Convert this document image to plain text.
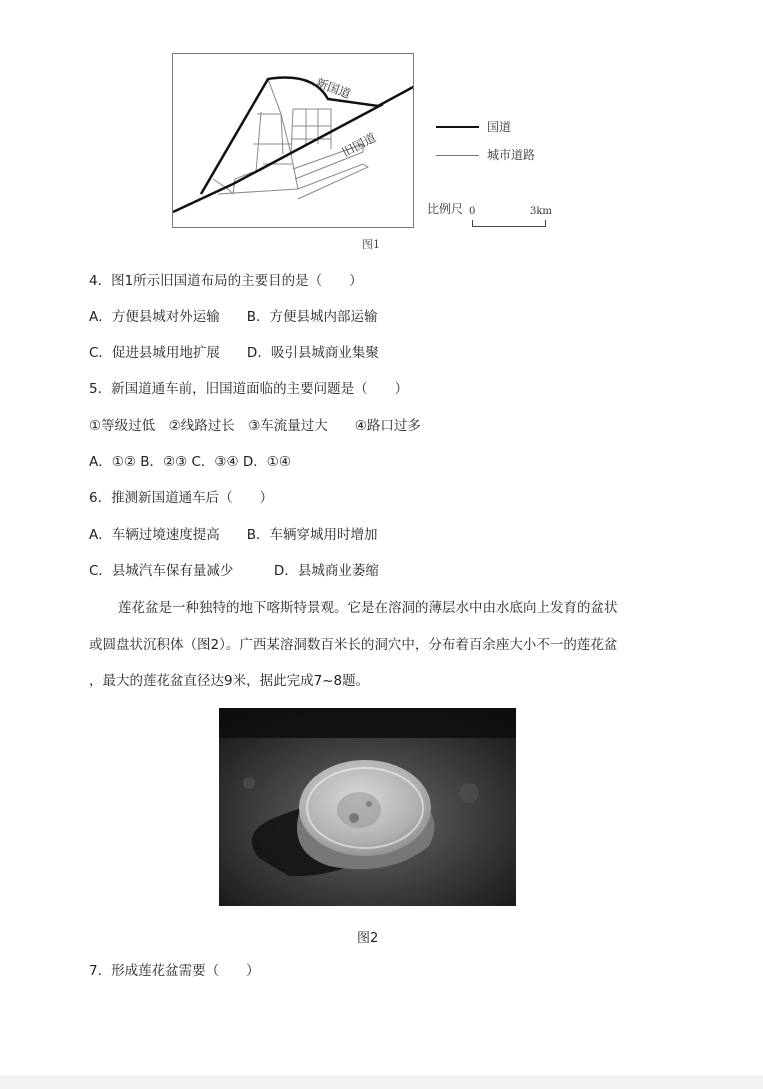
新国道
旧国道
国道
城市道路
比例尺 0	3km
图1
4．图1所示旧国道布局的主要目的是（　　）
A．方便县城对外运输　　B．方便县城内部运输
C．促进县城用地扩展　　D．吸引县城商业集聚
5．新国道通车前，旧国道面临的主要问题是（　　）
①等级过低　②线路过长　③车流量过大　　④路口过多
A．①② B．②③ C．③④ D．①④
6．推测新国道通车后（　　）
A．车辆过境速度提高　　B．车辆穿城用时增加
C．县城汽车保有量减少　　　D．县城商业萎缩
莲花盆是一种独特的地下喀斯特景观。它是在溶洞的薄层水中由水底向上发育的盆状
或圆盘状沉积体（图2）。广西某溶洞数百米长的洞穴中，分布着百余座大小不一的莲花盆
，最大的莲花盆直径达9米，据此完成7~8题。
图2
7．形成莲花盆需要（　　）
